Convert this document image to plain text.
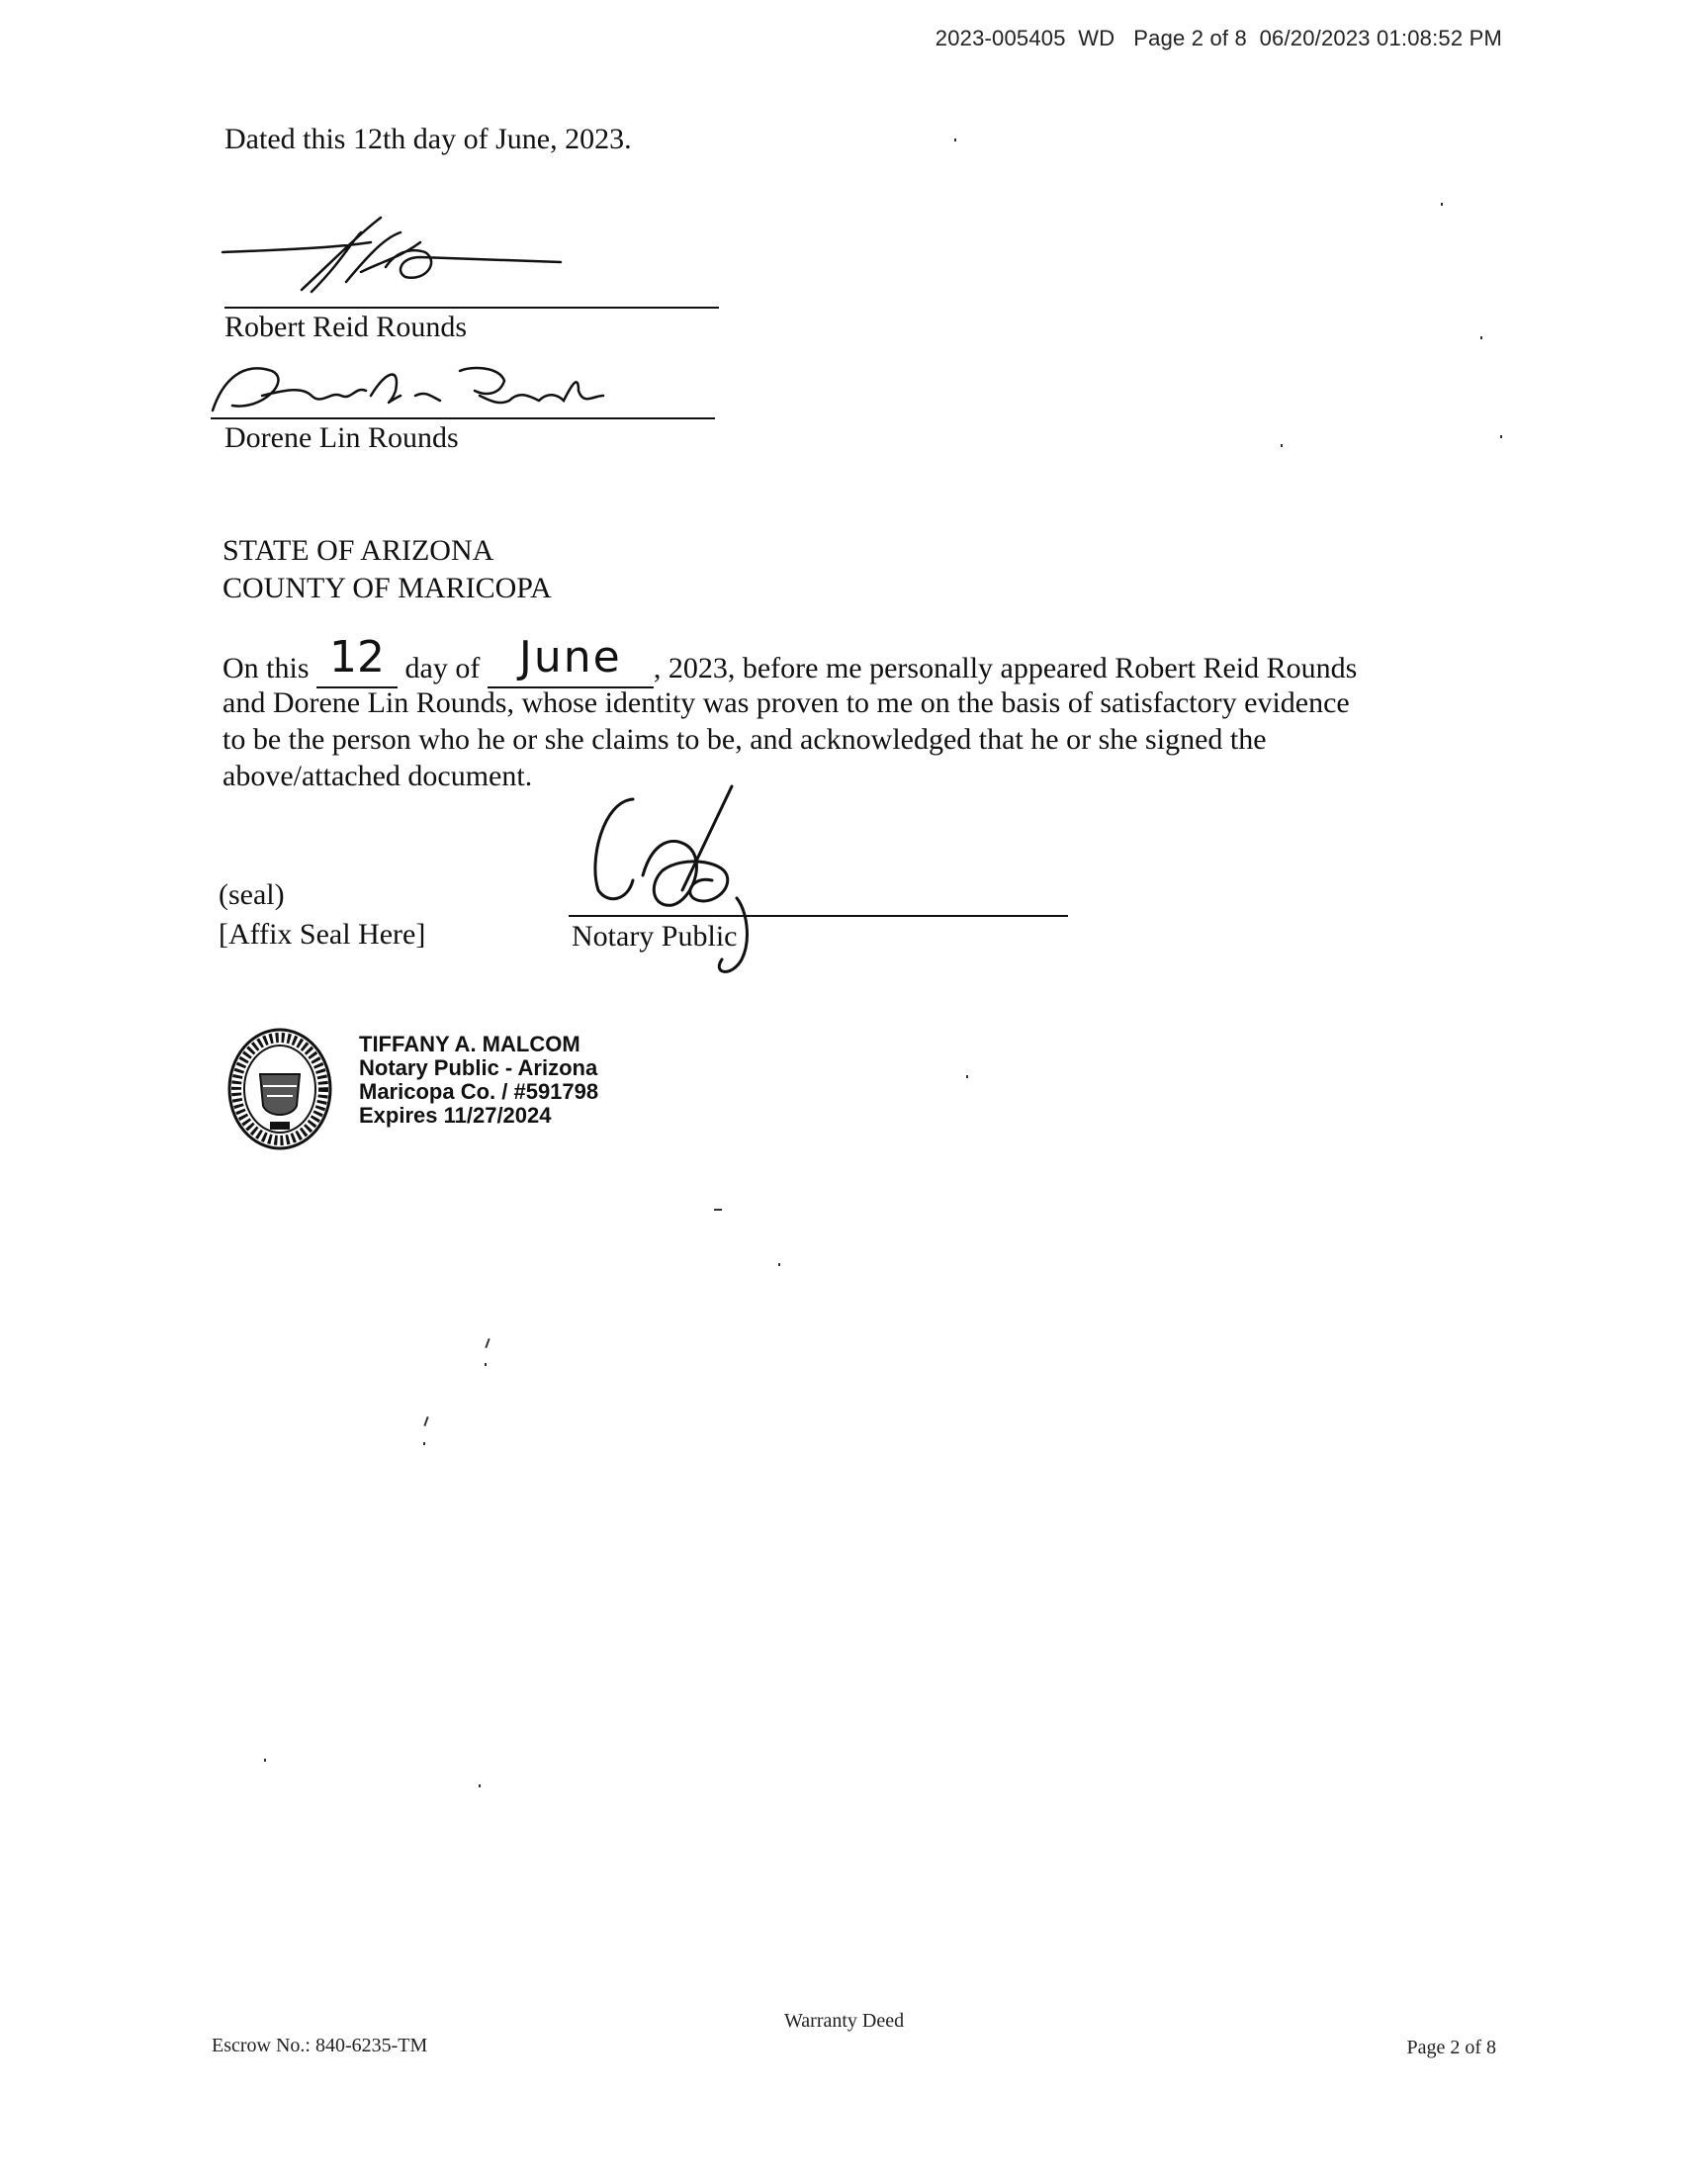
2023-005405  WD   Page 2 of 8  06/20/2023 01:08:52 PM
Dated this 12th day of June, 2023.
Robert Reid Rounds
Dorene Lin Rounds
STATE OF ARIZONA
COUNTY OF MARICOPA
On this 12 day of June , 2023, before me personally appeared Robert Reid Rounds
and Dorene Lin Rounds, whose identity was proven to me on the basis of satisfactory evidence
to be the person who he or she claims to be, and acknowledged that he or she signed the
above/attached document.
(seal)
[Affix Seal Here]	Notary Public
TIFFANY A. MALCOM
Notary Public - Arizona
Maricopa Co. / #591798
Expires 11/27/2024
Warranty Deed
Escrow No.: 840-6235-TM	Page 2 of 8
